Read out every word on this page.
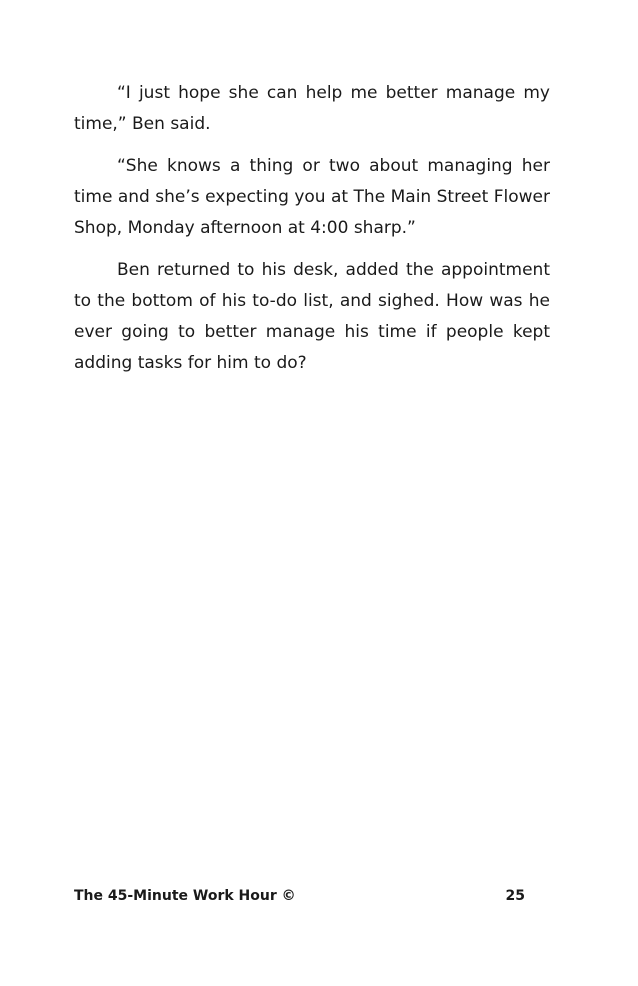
“I just hope she can help me better manage my time,” Ben said.

“She knows a thing or two about managing her time and she’s expecting you at The Main Street Flower Shop, Monday afternoon at 4:00 sharp.”

Ben returned to his desk, added the appointment to the bottom of his to-do list, and sighed. How was he ever going to better manage his time if people kept adding tasks for him to do?

The 45-Minute Work Hour ©	25
